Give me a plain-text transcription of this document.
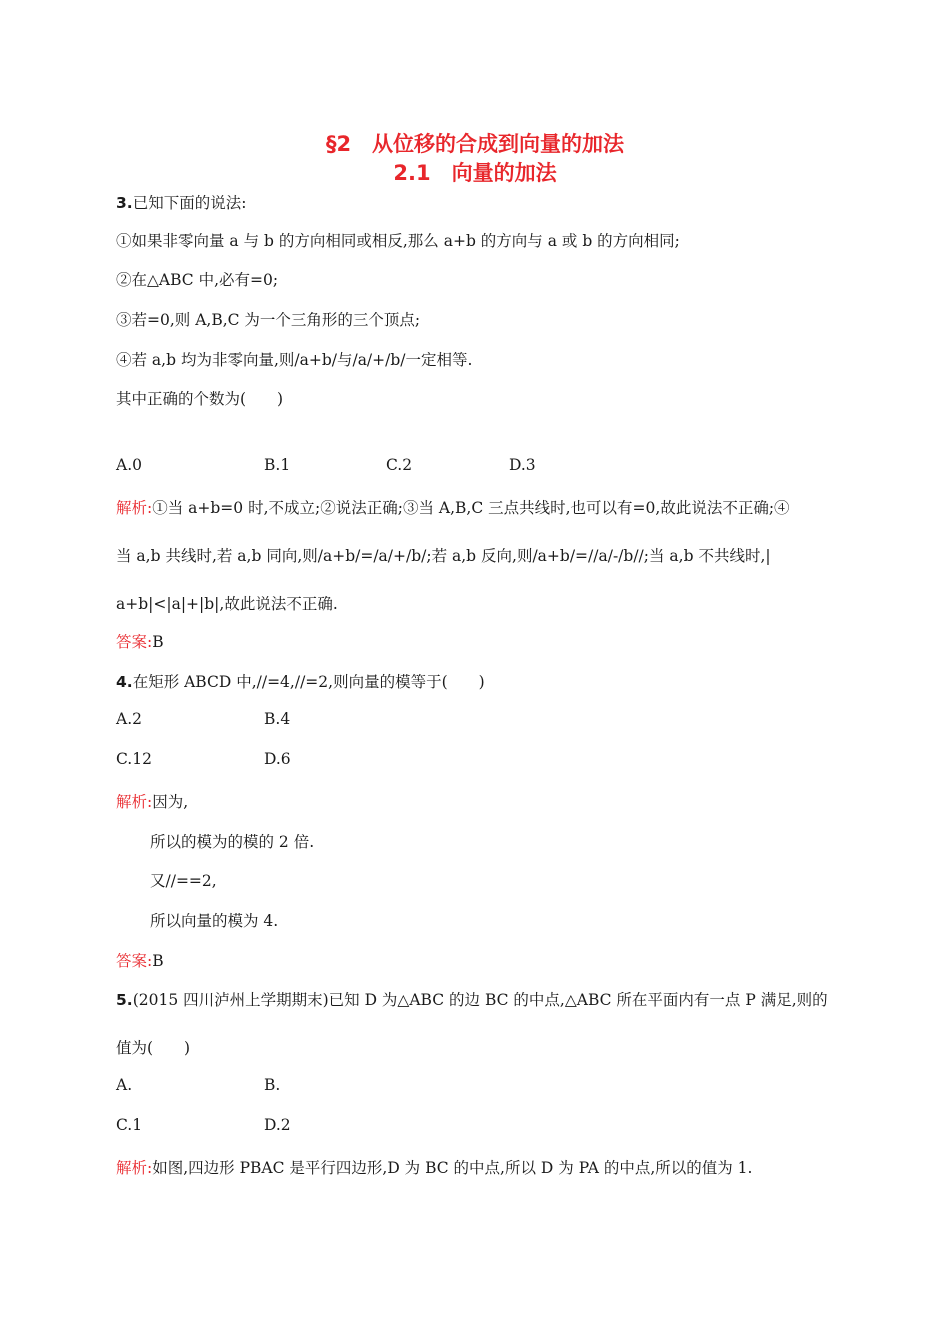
§2　从位移的合成到向量的加法
2.1　向量的加法
3.已知下面的说法:
①如果非零向量 a 与 b 的方向相同或相反,那么 a+b 的方向与 a 或 b 的方向相同;
②在△ABC 中,必有=0;
③若=0,则 A,B,C 为一个三角形的三个顶点;
④若 a,b 均为非零向量,则/a+b/与/a/+/b/一定相等.
其中正确的个数为(　　)
A.0	B.1	C.2	D.3
解析:①当 a+b=0 时,不成立;②说法正确;③当 A,B,C 三点共线时,也可以有=0,故此说法不正确;④
当 a,b 共线时,若 a,b 同向,则/a+b/=/a/+/b/;若 a,b 反向,则/a+b/=//a/-/b//;当 a,b 不共线时,|
a+b|<|a|+|b|,故此说法不正确.
答案:B
4.在矩形 ABCD 中,//=4,//=2,则向量的模等于(　　)
A.2	B.4
C.12	D.6
解析:因为,
所以的模为的模的 2 倍.
又//==2,
所以向量的模为 4.
答案:B
5.(2015 四川泸州上学期期末)已知 D 为△ABC 的边 BC 的中点,△ABC 所在平面内有一点 P 满足,则的
值为(　　)
A.	B.
C.1	D.2
解析:如图,四边形 PBAC 是平行四边形,D 为 BC 的中点,所以 D 为 PA 的中点,所以的值为 1.
